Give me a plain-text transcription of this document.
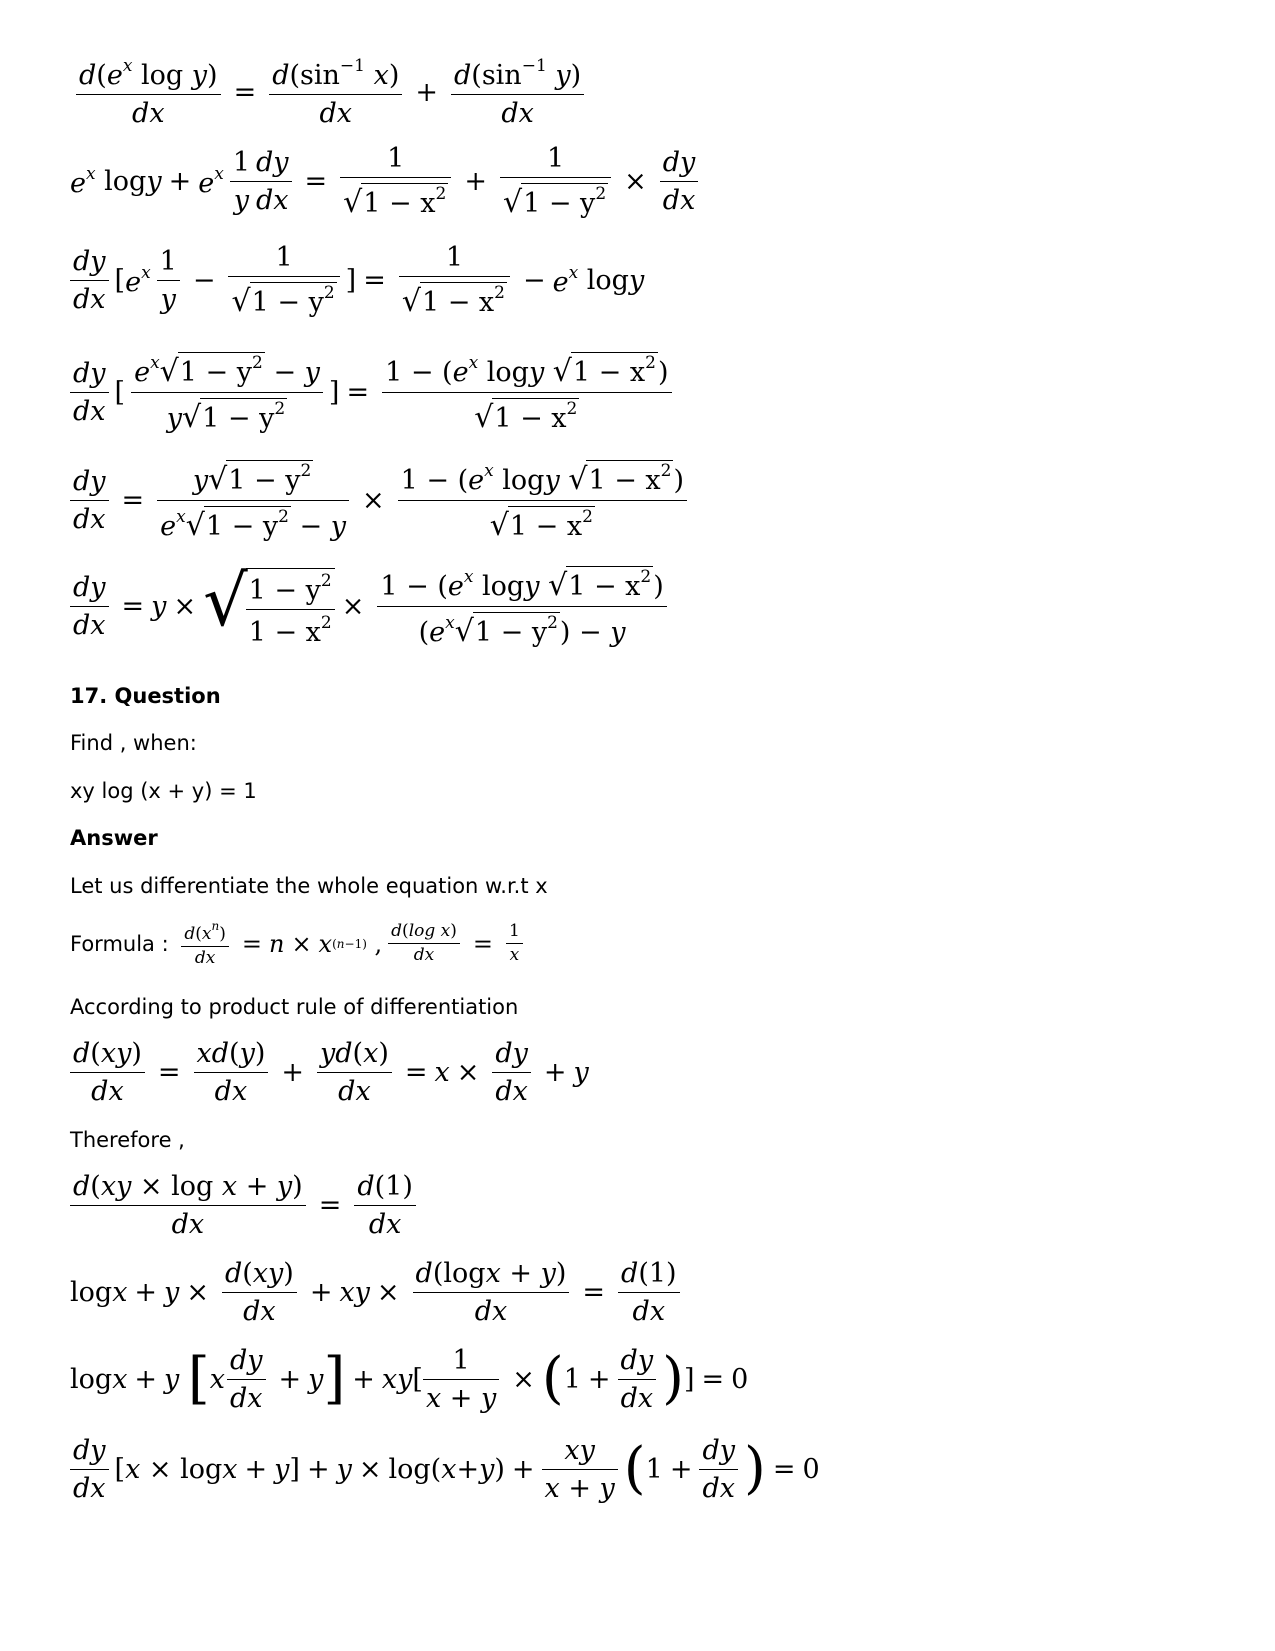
$\frac{d(e^x \log y)}{dx} = \frac{d(\sin^{-1} x)}{dx} + \frac{d(\sin^{-1} y)}{dx}$
$e^x$ $\log y + e^x \frac{1}{y} \frac{dy}{dx} = \frac{1}{√1 - x^2} + \frac{1}{√1 - y^2} \times \frac{dy}{dx}$
$\frac{dy}{dx}$ [ $e^x \frac{1}{y} - \frac{1}{√1 - y^2}$ ] = $\frac{1}{√1 - x^2} - e^x$ log y
$\frac{dy}{dx}$ [ $\frac{e^x√1 - y^2 - y}{y√1 - y^2}$ ] = $\frac{1 - (e^x \log y √1 - x^2)}{√1 - x^2}$
$\frac{dy}{dx} = \frac{y√1 - y^2}{e^x√1 - y^2 - y} \times \frac{1 - (e^x \log y √1 - x^2)}{√1 - x^2}$
$\frac{dy}{dx} = y$ × √
$\frac{1 - y^2}{1 - x^2} \times \frac{1 - (e^x \log y √1 - x^2)}{(e^x√1 - y^2) - y}$
17. Question
Find , when:
xy log (x + y) = 1
Answer
Let us differentiate the whole equation w.r.t x
Formula :
$\frac{d(x^n)}{dx} = n \times x$ (n−1) , $\frac{\text{d(log x)}}{dx} = \frac{1}{x}$
According to product rule of differentiation
$\frac{d(xy)}{dx} = \frac{xd(y)}{dx} + \frac{yd(x)}{dx} = x \times \frac{dy}{dx} + y$
Therefore ,
$\frac{\text{d(xy × log x + y)}}{dx} = \frac{d(1)}{dx}$
$\log x + y \times \frac{d(xy)}{dx}$ + xy × $\frac{d(\log x + y)}{dx} = \frac{d(1)}{dx}$
log x + y
[ x $\frac{dy}{dx} + y$ ] + xy [ $\frac{1}{x + y}$ × ( $1 + \frac{dy}{dx}$ ) ] = 0
$\frac{dy}{dx}$ [ x × log x + y ] + y × log( x + y ) + $\frac{xy}{x + y}$ ( $1 + \frac{dy}{dx}$ ) = 0
